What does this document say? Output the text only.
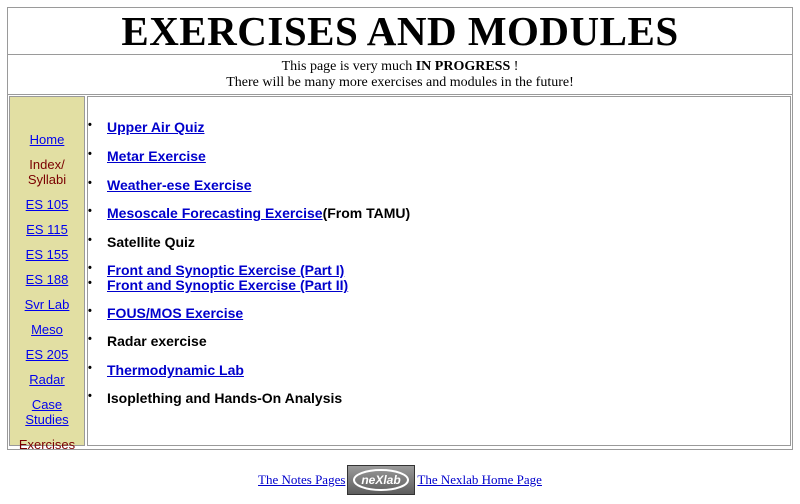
EXERCISES AND MODULES
This page is very much IN PROGRESS !
There will be many more exercises and modules in the future!
Home
Index/
Syllabi
ES 105
ES 115
ES 155
ES 188
Svr Lab
Meso
ES 205
Radar
Case Studies
Exercises
• Upper Air Quiz
• Metar Exercise
• Weather-ese Exercise
• Mesoscale Forecasting Exercise(From TAMU)
• Satellite Quiz
• Front and Synoptic Exercise (Part I)
• Front and Synoptic Exercise (Part II)
• FOUS/MOS Exercise
• Radar exercise
• Thermodynamic Lab
• Isoplething and Hands-On Analysis
The Notes Pages neXlab The Nexlab Home Page
